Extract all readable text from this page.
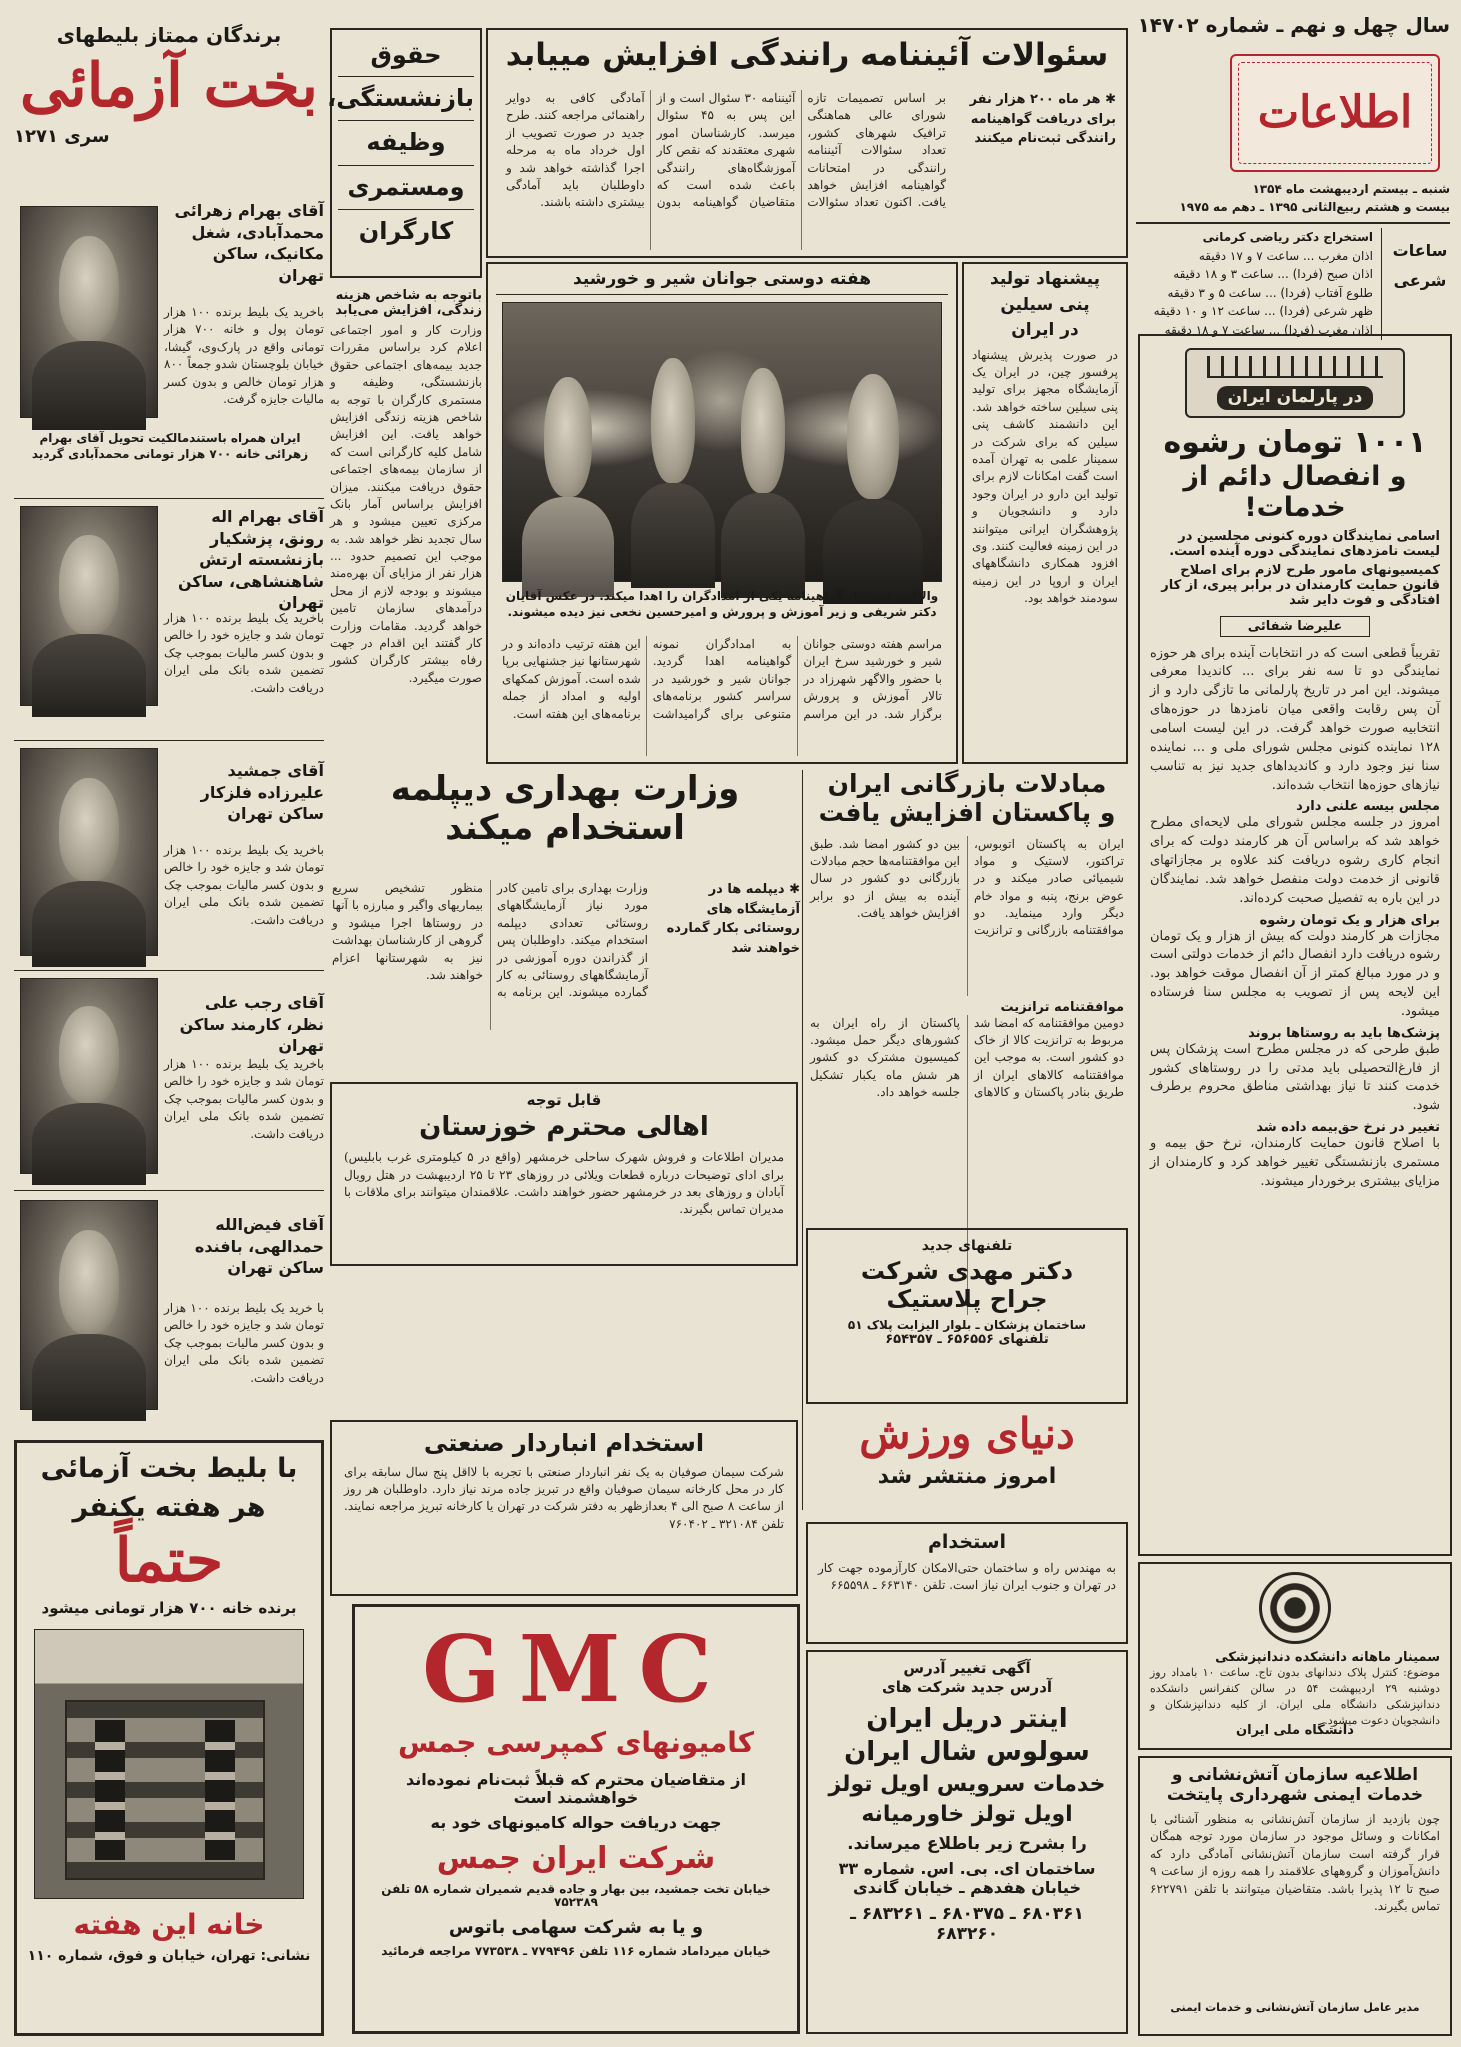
سال چهل و نهم ـ شماره ۱۴۷۰۲
اطلاعات
شنبه ـ بیستم اردیبهشت ماه ۱۳۵۴
بیست و هشتم ربیع‌الثانی ۱۳۹۵ ـ دهم مه ۱۹۷۵
ساعات
شرعی
استخراج دکتر ریاضی کرمانی
اذان مغرب ... ساعت ۷ و ۱۷ دقیقه
اذان صبح (فردا) ... ساعت ۳ و ۱۸ دقیقه
طلوع آفتاب (فردا) ... ساعت ۵ و ۳ دقیقه
ظهر شرعی (فردا) ... ساعت ۱۲ و ۱۰ دقیقه
اذان مغرب (فردا) ... ساعت ۷ و ۱۸ دقیقه
در پارلمان ایران
۱۰۰۱ تومان رشوه
و انفصال دائم از خدمات!
اسامی نمایندگان دوره کنونی مجلسین در لیست نامزدهای نمایندگی دوره آینده است.
کمیسیونهای مامور طرح لازم برای اصلاح قانون حمایت کارمندان در برابر پیری، از کار افتادگی و فوت دایر شد
علیرضا شفائی
تقریباً قطعی است که در انتخابات آینده برای هر حوزه نمایندگی دو تا سه نفر برای ... کاندیدا معرفی میشوند. این امر در تاریخ پارلمانی ما تازگی دارد و از آن پس رقابت واقعی میان نامزدها در حوزه‌های انتخابیه صورت خواهد گرفت. در این لیست اسامی ۱۲۸ نماینده کنونی مجلس شورای ملی و ... نماینده سنا نیز وجود دارد و کاندیداهای جدید نیز به تناسب نیازهای حوزه‌ها انتخاب شده‌اند.
مجلس بیسه علنی دارد
امروز در جلسه مجلس شورای ملی لایحه‌ای مطرح خواهد شد که براساس آن هر کارمند دولت که برای انجام کاری رشوه دریافت کند علاوه بر مجازاتهای قانونی از خدمت دولت منفصل خواهد شد. نمایندگان در این باره به تفصیل صحبت کرده‌اند.
برای هزار و یک تومان رشوه
مجازات هر کارمند دولت که بیش از هزار و یک تومان رشوه دریافت دارد انفصال دائم از خدمات دولتی است و در مورد مبالغ کمتر از آن انفصال موقت خواهد بود. این لایحه پس از تصویب به مجلس سنا فرستاده میشود.
پزشک‌ها باید به روستاها بروند
طبق طرحی که در مجلس مطرح است پزشکان پس از فارغ‌التحصیلی باید مدتی را در روستاهای کشور خدمت کنند تا نیاز بهداشتی مناطق محروم برطرف شود.
تغییر در نرخ حق‌بیمه داده شد
با اصلاح قانون حمایت کارمندان، نرخ حق بیمه و مستمری بازنشستگی تغییر خواهد کرد و کارمندان از مزایای بیشتری برخوردار میشوند.
سمینار ماهانه دانشکده دندانپزشکی
موضوع: کنترل پلاک دندانهای بدون تاج. ساعت ۱۰ بامداد روز دوشنبه ۲۹ اردیبهشت ۵۴ در سالن کنفرانس دانشکده دندانپزشکی دانشگاه ملی ایران. از کلیه دندانپزشکان و دانشجویان دعوت میشود.
دانشگاه ملی ایران
اطلاعیه سازمان آتش‌نشانی و خدمات ایمنی شهرداری پایتخت
چون بازدید از سازمان آتش‌نشانی به منظور آشنائی با امکانات و وسائل موجود در سازمان مورد توجه همگان قرار گرفته است سازمان آتش‌نشانی آمادگی دارد که دانش‌آموزان و گروههای علاقمند را همه روزه از ساعت ۹ صبح تا ۱۲ پذیرا باشد. متقاضیان میتوانند با تلفن ۶۲۲۷۹۱ تماس بگیرند.
مدیر عامل سازمان آتش‌نشانی و خدمات ایمنی
سئوالات آئیننامه رانندگی افزایش مییابد
✱ هر ماه ۲۰۰ هزار نفر برای دریافت گواهینامه رانندگی ثبت‌نام میکنند
بر اساس تصمیمات تازه شورای عالی هماهنگی ترافیک شهرهای کشور، تعداد سئوالات آئیننامه رانندگی در امتحانات گواهینامه افزایش خواهد یافت. اکنون تعداد سئوالات آئیننامه ۳۰ سئوال است و از این پس به ۴۵ سئوال میرسد. کارشناسان امور شهری معتقدند که نقص کار آموزشگاه‌های رانندگی باعث شده است که متقاضیان گواهینامه بدون آمادگی کافی به دوایر راهنمائی مراجعه کنند. طرح جدید در صورت تصویب از اول خرداد ماه به مرحله اجرا گذاشته خواهد شد و داوطلبان باید آمادگی بیشتری داشته باشند.
حقوق
بازنشستگی،
وظیفه
ومستمری
کارگران
باتوجه به شاخص هزینه زندگی، افزایش می‌یابد
وزارت کار و امور اجتماعی اعلام کرد براساس مقررات جدید بیمه‌های اجتماعی حقوق بازنشستگی، وظیفه و مستمری کارگران با توجه به شاخص هزینه زندگی افزایش خواهد یافت. این افزایش شامل کلیه کارگرانی است که از سازمان بیمه‌های اجتماعی حقوق دریافت میکنند. میزان افزایش براساس آمار بانک مرکزی تعیین میشود و هر سال تجدید نظر خواهد شد. به موجب این تصمیم حدود ... هزار نفر از مزایای آن بهره‌مند میشوند و بودجه لازم از محل درآمدهای سازمان تامین خواهد گردید. مقامات وزارت کار گفتند این اقدام در جهت رفاه بیشتر کارگران کشور صورت میگیرد.
هفته دوستی جوانان شیر و خورشید
والاگهر شهرزاد گواهینامه یکی از امدادگران را اهدا میکند. در عکس آقایان دکتر شریفی و زیر آموزش و پرورش و امیرحسین نخعی نیز دیده میشوند.
مراسم هفته دوستی جوانان شیر و خورشید سرخ ایران با حضور والاگهر شهرزاد در تالار آموزش و پرورش برگزار شد. در این مراسم به امدادگران نمونه گواهینامه اهدا گردید. جوانان شیر و خورشید در سراسر کشور برنامه‌های متنوعی برای گرامیداشت این هفته ترتیب داده‌اند و در شهرستانها نیز جشنهایی برپا شده است. آموزش کمکهای اولیه و امداد از جمله برنامه‌های این هفته است.
پیشنهاد تولید
پنی سیلین
در ایران
در صورت پذیرش پیشنهاد پرفسور چین، در ایران یک آزمایشگاه مجهز برای تولید پنی سیلین ساخته خواهد شد. این دانشمند کاشف پنی سیلین که برای شرکت در سمینار علمی به تهران آمده است گفت امکانات لازم برای تولید این دارو در ایران وجود دارد و دانشجویان و پژوهشگران ایرانی میتوانند در این زمینه فعالیت کنند. وی افزود همکاری دانشگاههای ایران و اروپا در این زمینه سودمند خواهد بود.
برندگان ممتاز بلیطهای
بخت آزمائی
سری ۱۲۷۱
آقای بهرام زهرائی محمدآبادی، شغل مکانیک، ساکن تهران
باخرید یک بلیط برنده ۱۰۰ هزار تومان پول و خانه ۷۰۰ هزار تومانی واقع در پارک‌وی، گیشا، خیابان بلوچستان شدو جمعاً ۸۰۰ هزار تومان خالص و بدون کسر مالیات جایزه گرفت.
ایران همراه باستندمالکیت تحویل آقای بهرام زهرائی خانه ۷۰۰ هزار تومانی محمدآبادی گردید
آقای بهرام اله رونق، پزشکیار بازنشسته ارتش شاهنشاهی، ساکن تهران
باخرید یک بلیط برنده ۱۰۰ هزار تومان شد و جایزه خود را خالص و بدون کسر مالیات بموجب چک تضمین شده بانک ملی ایران دریافت داشت.
آقای جمشید علیرزاده فلزکار ساکن تهران
باخرید یک بلیط برنده ۱۰۰ هزار تومان شد و جایزه خود را خالص و بدون کسر مالیات بموجب چک تضمین شده بانک ملی ایران دریافت داشت.
آقای رجب علی نظر، کارمند ساکن تهران
باخرید یک بلیط برنده ۱۰۰ هزار تومان شد و جایزه خود را خالص و بدون کسر مالیات بموجب چک تضمین شده بانک ملی ایران دریافت داشت.
آقای فیض‌الله حمدالهی، بافنده ساکن تهران
با خرید یک بلیط برنده ۱۰۰ هزار تومان شد و جایزه خود را خالص و بدون کسر مالیات بموجب چک تضمین شده بانک ملی ایران دریافت داشت.
با بلیط بخت آزمائی
هر هفته یکنفر
حتماً
برنده خانه ۷۰۰ هزار تومانی میشود
خانه این هفته
نشانی: تهران، خیابان و فوق، شماره ۱۱۰
وزارت بهداری دیپلمه
استخدام میکند
✱ دیپلمه ها در آزمایشگاه های روستائی بکار گمارده خواهند شد
وزارت بهداری برای تامین کادر مورد نیاز آزمایشگاههای روستائی تعدادی دیپلمه استخدام میکند. داوطلبان پس از گذراندن دوره آموزشی در آزمایشگاههای روستائی به کار گمارده میشوند. این برنامه به منظور تشخیص سریع بیماریهای واگیر و مبارزه با آنها در روستاها اجرا میشود و گروهی از کارشناسان بهداشت نیز به شهرستانها اعزام خواهند شد.
مبادلات بازرگانی ایران
و پاکستان افزایش یافت
ایران به پاکستان اتوبوس، تراکتور، لاستیک و مواد شیمیائی صادر میکند و در عوض برنج، پنبه و مواد خام دیگر وارد مینماید. دو موافقتنامه بازرگانی و ترانزیت بین دو کشور امضا شد. طبق این موافقتنامه‌ها حجم مبادلات بازرگانی دو کشور در سال آینده به بیش از دو برابر افزایش خواهد یافت.
موافقتنامه ترانزیت
دومین موافقتنامه که امضا شد مربوط به ترانزیت کالا از خاک دو کشور است. به موجب این موافقتنامه کالاهای ایران از طریق بنادر پاکستان و کالاهای پاکستان از راه ایران به کشورهای دیگر حمل میشود. کمیسیون مشترک دو کشور هر شش ماه یکبار تشکیل جلسه خواهد داد.
قابل توجه
اهالی محترم خوزستان
مدیران اطلاعات و فروش شهرک ساحلی خرمشهر (واقع در ۵ کیلومتری غرب بابلیس) برای ادای توضیحات درباره قطعات ویلائی در روزهای ۲۳ تا ۲۵ اردیبهشت در هتل رویال آبادان و روزهای بعد در خرمشهر حضور خواهند داشت. علاقمندان میتوانند برای ملاقات با مدیران تماس بگیرند.
تلفنهای جدید
دکتر مهدی شرکت
جراح پلاستیک
ساختمان پزشکان ـ بلوار الیزابت پلاک ۵۱
تلفنهای ۶۵۶۵۵۶ ـ ۶۵۴۳۵۷
استخدام انباردار صنعتی
شرکت سیمان صوفیان به یک نفر انباردار صنعتی با تجربه با لااقل پنج سال سابقه برای کار در محل کارخانه سیمان صوفیان واقع در تبریز جاده مرند نیاز دارد. داوطلبان هر روز از ساعت ۸ صبح الی ۴ بعدازظهر به دفتر شرکت در تهران یا کارخانه تبریز مراجعه نمایند. تلفن ۳۲۱۰۸۴ ـ ۷۶۰۴۰۲
دنیای ورزش
امروز منتشر شد
استخدام
به مهندس راه و ساختمان حتی‌الامکان کارآزموده جهت کار در تهران و جنوب ایران نیاز است. تلفن ۶۶۳۱۴۰ ـ ۶۶۵۵۹۸
GMC
کامیونهای کمپرسی جمس
از متقاضیان محترم که قبلاً ثبت‌نام نموده‌اند خواهشمند است
جهت دریافت حواله کامیونهای خود به
شرکت ایران جمس
خیابان تخت جمشید، بین بهار و جاده قدیم شمیران شماره ۵۸ تلفن ۷۵۲۳۸۹
و یا به شرکت سهامی باتوس
خیابان میرداماد شماره ۱۱۶ تلفن ۷۷۹۴۹۶ ـ ۷۷۳۵۳۸ مراجعه فرمائید
آگهی تغییر آدرس
آدرس جدید شرکت های
اینتر دریل ایران
سولوس شال ایران
خدمات سرویس اویل تولز
اویل تولز خاورمیانه
را بشرح زیر باطلاع میرساند.
ساختمان ای. بی. اس. شماره ۳۳ خیابان هفدهم ـ خیابان گاندی
۶۸۰۳۶۱ ـ ۶۸۰۳۷۵ ـ ۶۸۳۲۶۱ ـ ۶۸۳۲۶۰
